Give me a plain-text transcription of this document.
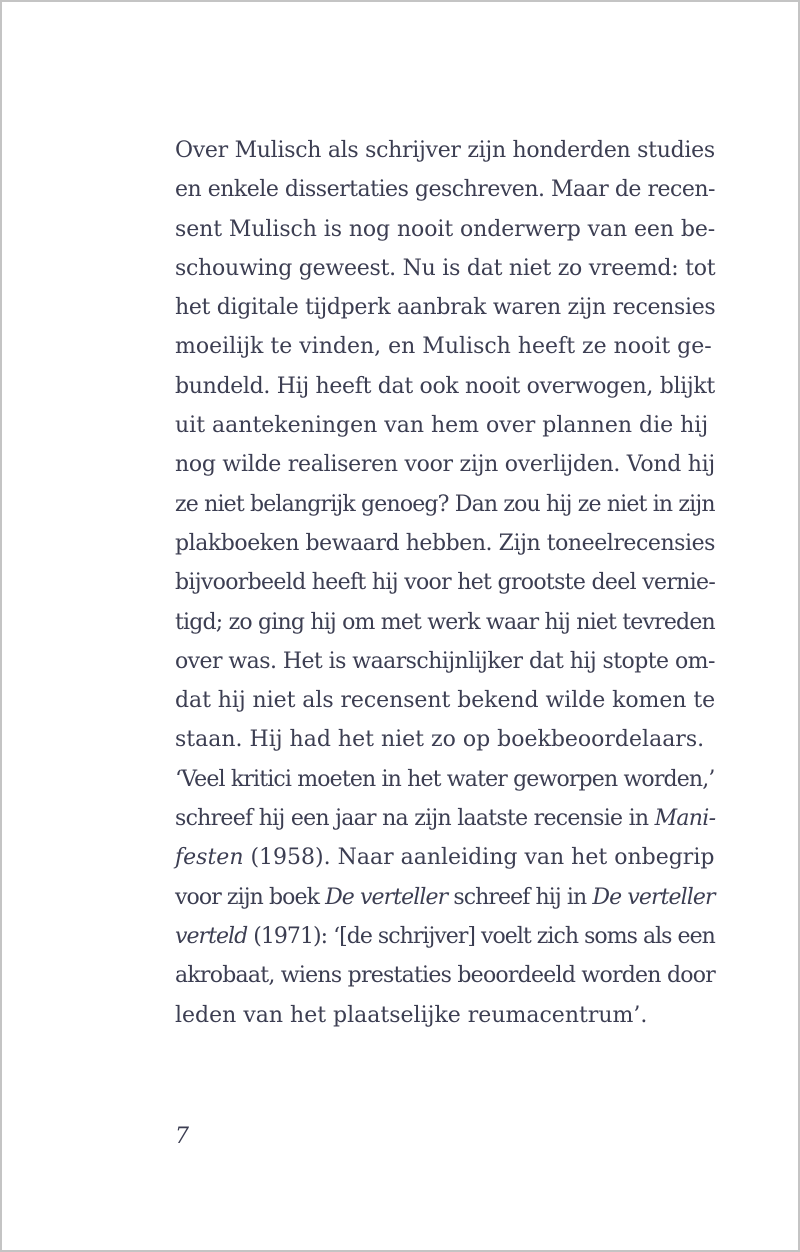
Over Mulisch als schrijver zijn honderden studies
en enkele dissertaties geschreven. Maar de recen-
sent Mulisch is nog nooit onderwerp van een be-
schouwing geweest. Nu is dat niet zo vreemd: tot
het digitale tijdperk aanbrak waren zijn recensies
moeilijk te vinden, en Mulisch heeft ze nooit ge-
bundeld. Hij heeft dat ook nooit overwogen, blijkt
uit aantekeningen van hem over plannen die hij
nog wilde realiseren voor zijn overlijden. Vond hij
ze niet belangrijk genoeg? Dan zou hij ze niet in zijn
plakboeken bewaard hebben. Zijn toneelrecensies
bijvoorbeeld heeft hij voor het grootste deel vernie-
tigd; zo ging hij om met werk waar hij niet tevreden
over was. Het is waarschijnlijker dat hij stopte om-
dat hij niet als recensent bekend wilde komen te
staan. Hij had het niet zo op boekbeoordelaars.
‘Veel kritici moeten in het water geworpen worden,’
schreef hij een jaar na zijn laatste recensie in Mani-
festen (1958). Naar aanleiding van het onbegrip
voor zijn boek De verteller schreef hij in De verteller
verteld (1971): ‘[de schrijver] voelt zich soms als een
akrobaat, wiens prestaties beoordeeld worden door
leden van het plaatselijke reumacentrum’.

7
